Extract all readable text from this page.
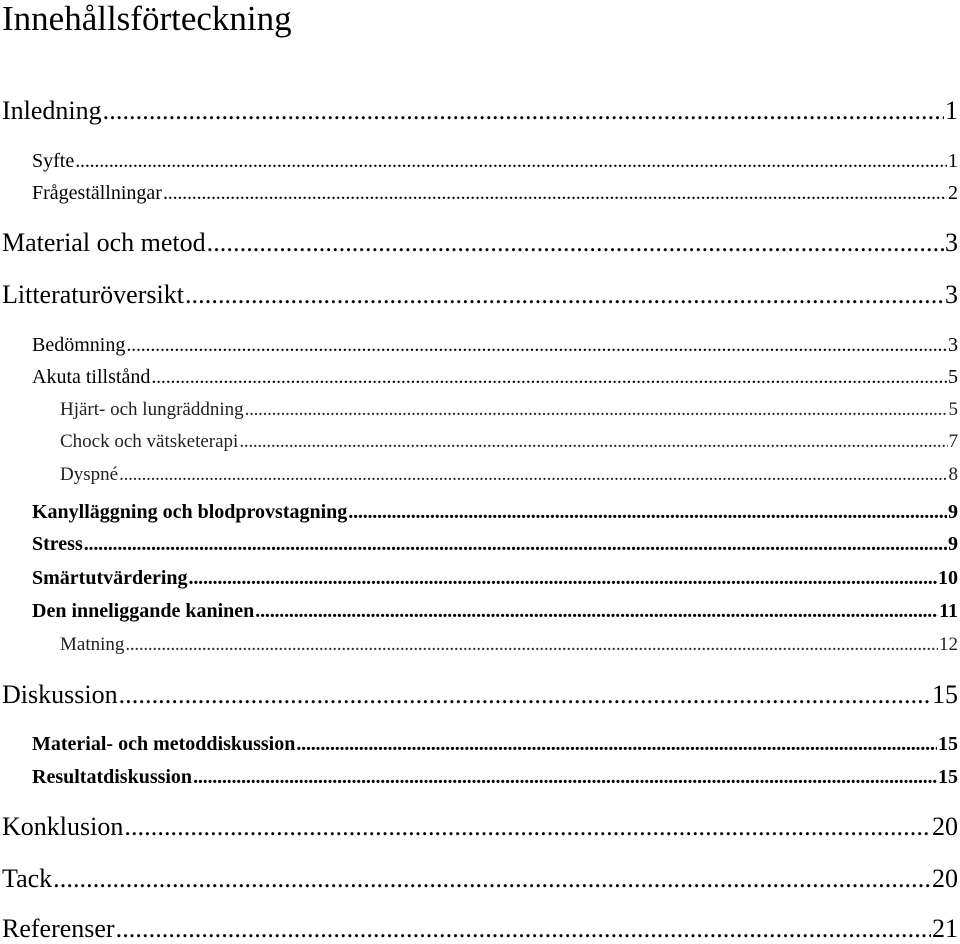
Innehållsförteckning
Inledning . . .	1
Syfte . . .	1
Frågeställningar . . .	2
Material och metod . . .	3
Litteraturöversikt . . .	3
Bedömning . . .	3
Akuta tillstånd . . .	5
Hjärt- och lungräddning . . .	5
Chock och vätsketerapi . . .	7
Dyspné . . .	8
Kanylläggning och blodprovstagning . . .	9
Stress . . .	9
Smärtutvärdering . . .	10
Den inneliggande kaninen . . .	11
Matning . . .	12
Diskussion . . .	15
Material- och metoddiskussion . . .	15
Resultatdiskussion . . .	15
Konklusion . . .	20
Tack . . .	20
Referenser . . .	21
